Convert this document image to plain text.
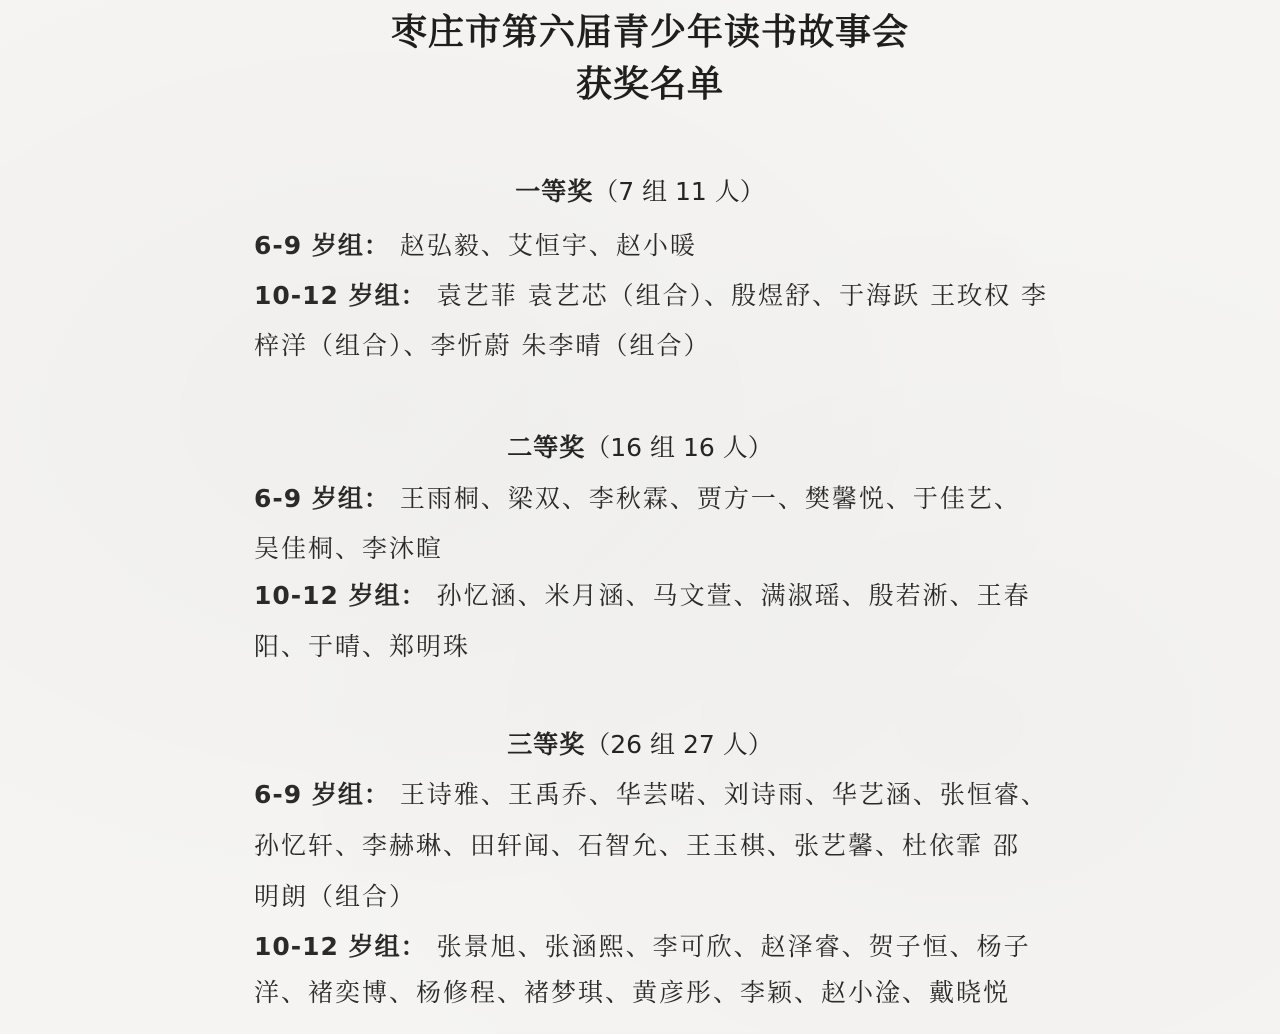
枣庄市第六届青少年读书故事会
获奖名单
一等奖（7 组 11 人）
6-9 岁组： 赵弘毅、艾恒宇、赵小暖
10-12 岁组： 袁艺菲 袁艺芯（组合）、殷煜舒、于海跃 王玫权 李
梓洋（组合）、李忻蔚 朱李晴（组合）
二等奖（16 组 16 人）
6-9 岁组： 王雨桐、梁双、李秋霖、贾方一、樊馨悦、于佳艺、
吴佳桐、李沐暄
10-12 岁组： 孙忆涵、米月涵、马文萱、满淑瑶、殷若淅、王春
阳、于晴、郑明珠
三等奖（26 组 27 人）
6-9 岁组： 王诗雅、王禹乔、华芸喏、刘诗雨、华艺涵、张恒睿、
孙忆轩、李赫琳、田轩闻、石智允、王玉棋、张艺馨、杜依霏 邵
明朗（组合）
10-12 岁组： 张景旭、张涵熙、李可欣、赵泽睿、贺子恒、杨子
洋、褚奕博、杨修程、褚梦琪、黄彦彤、李颖、赵小淦、戴晓悦
